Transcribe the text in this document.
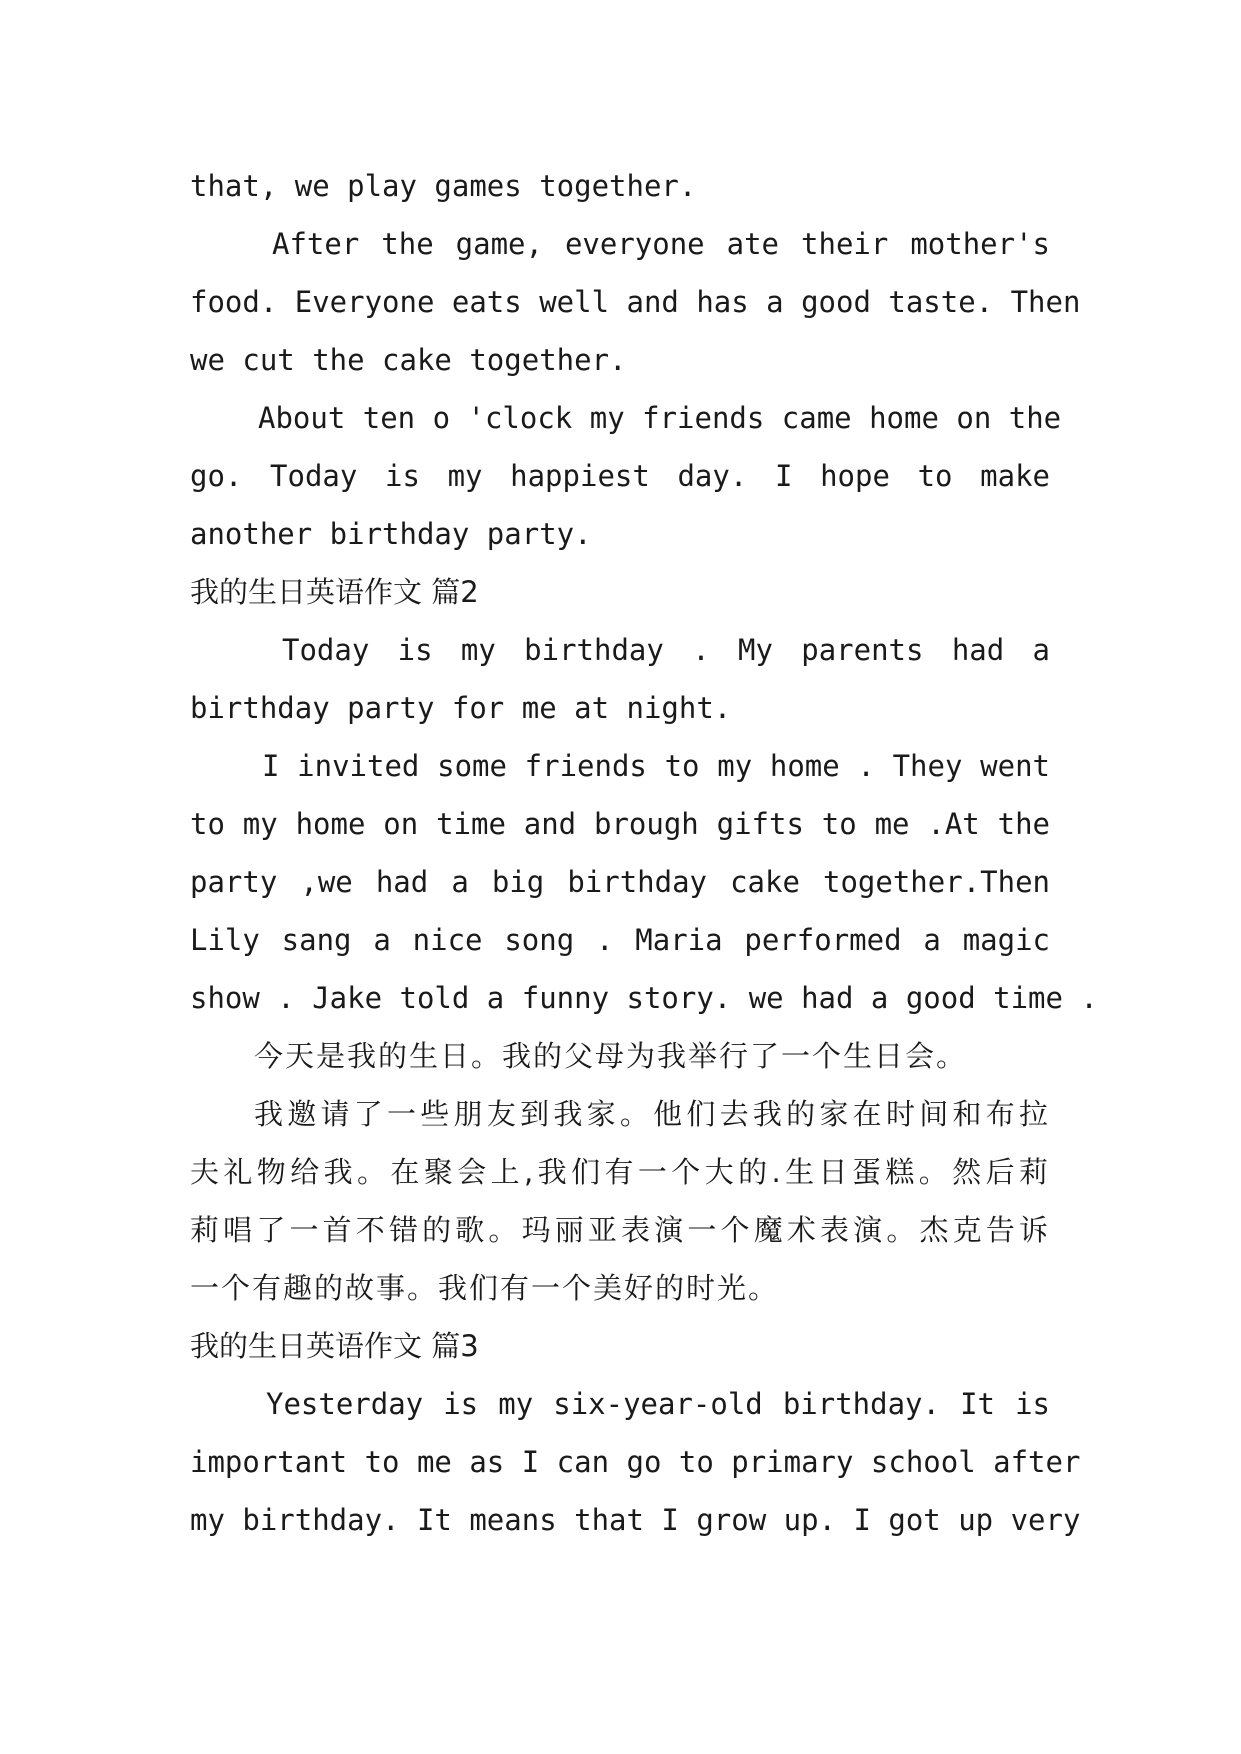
that, we play games together.
After the game, everyone ate their mother's
food. Everyone eats well and has a good taste. Then
we cut the cake together.
About ten o 'clock my friends came home on the
go. Today is my happiest day. I hope to make
another birthday party.
我的生日英语作文 篇2
Today is my birthday . My parents had a
birthday party for me at night.
I invited some friends to my home . They went
to my home on time and brough gifts to me .At the
party ,we had a big birthday cake together.Then
Lily sang a nice song . Maria performed a magic
show . Jake told a funny story. we had a good time .
今天是我的生日。我的父母为我举行了一个生日会。
我邀请了一些朋友到我家。他们去我的家在时间和布拉
夫礼物给我。在聚会上,我们有一个大的.生日蛋糕。然后莉
莉唱了一首不错的歌。玛丽亚表演一个魔术表演。杰克告诉
一个有趣的故事。我们有一个美好的时光。
我的生日英语作文 篇3
Yesterday is my six-year-old birthday. It is
important to me as I can go to primary school after
my birthday. It means that I grow up. I got up very
